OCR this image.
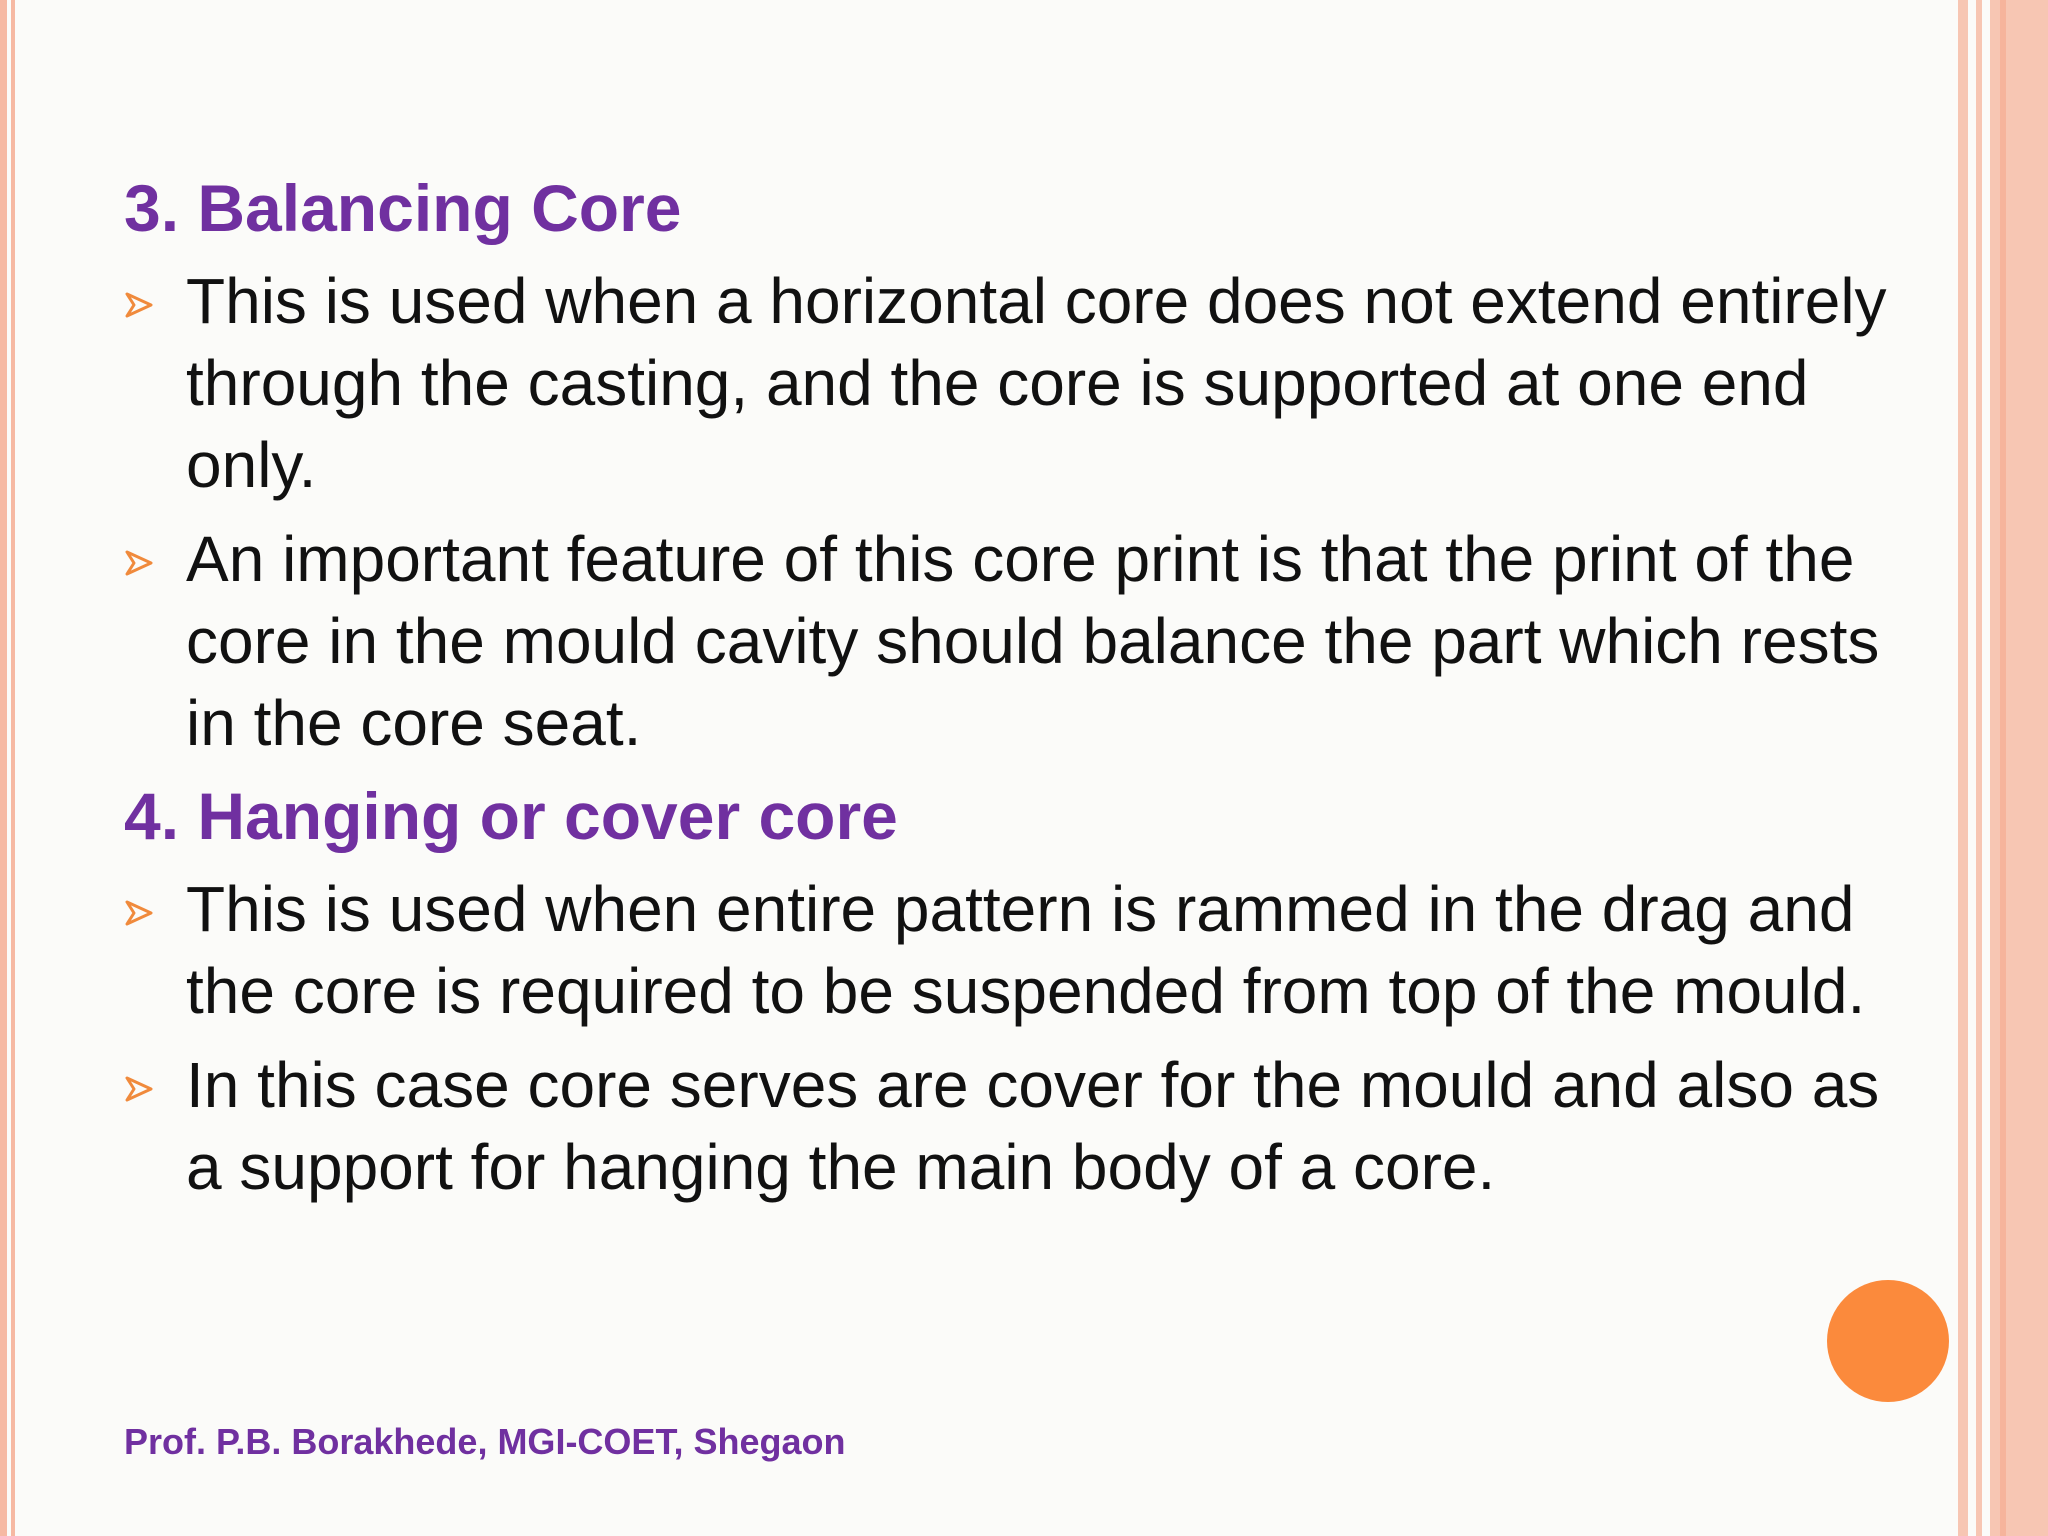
3. Balancing Core
This is used when a horizontal core does not extend entirely through the casting, and the core is supported at one end only.
An important feature of this core print is that the print of the core in the mould cavity should balance the part which rests in the core seat.
4. Hanging or cover core
This is used when entire pattern is rammed in the drag and the core is required to be suspended from top of the mould.
In this case core serves are cover for the mould and also as a support for hanging the main body of a core.
Prof. P.B. Borakhede, MGI-COET, Shegaon
